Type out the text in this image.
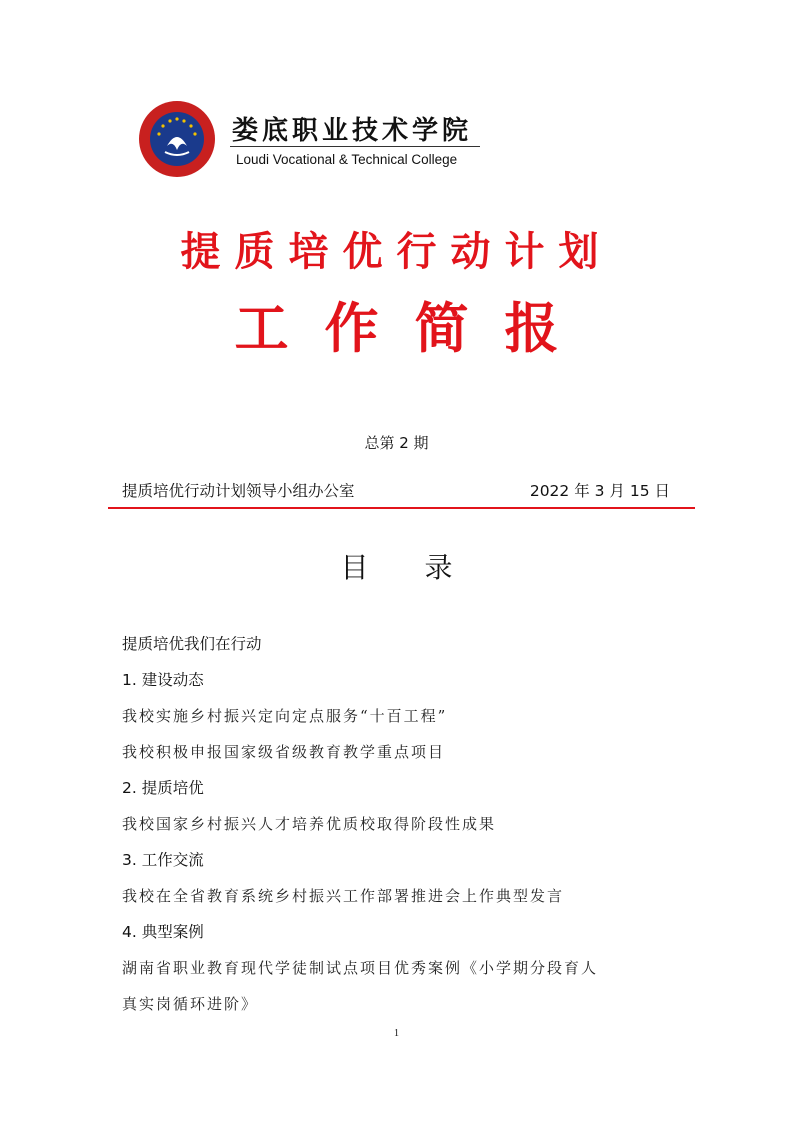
娄底职业技术学院
Loudi Vocational & Technical College
提质培优行动计划
工作简报
总第 2 期
提质培优行动计划领导小组办公室	2022 年 3 月 15 日
目录

提质培优我们在行动

1. 建设动态

我校实施乡村振兴定向定点服务“十百工程”

我校积极申报国家级省级教育教学重点项目

2. 提质培优

我校国家乡村振兴人才培养优质校取得阶段性成果

3. 工作交流

我校在全省教育系统乡村振兴工作部署推进会上作典型发言

4. 典型案例

湖南省职业教育现代学徒制试点项目优秀案例《小学期分段育人

真实岗循环进阶》

1
